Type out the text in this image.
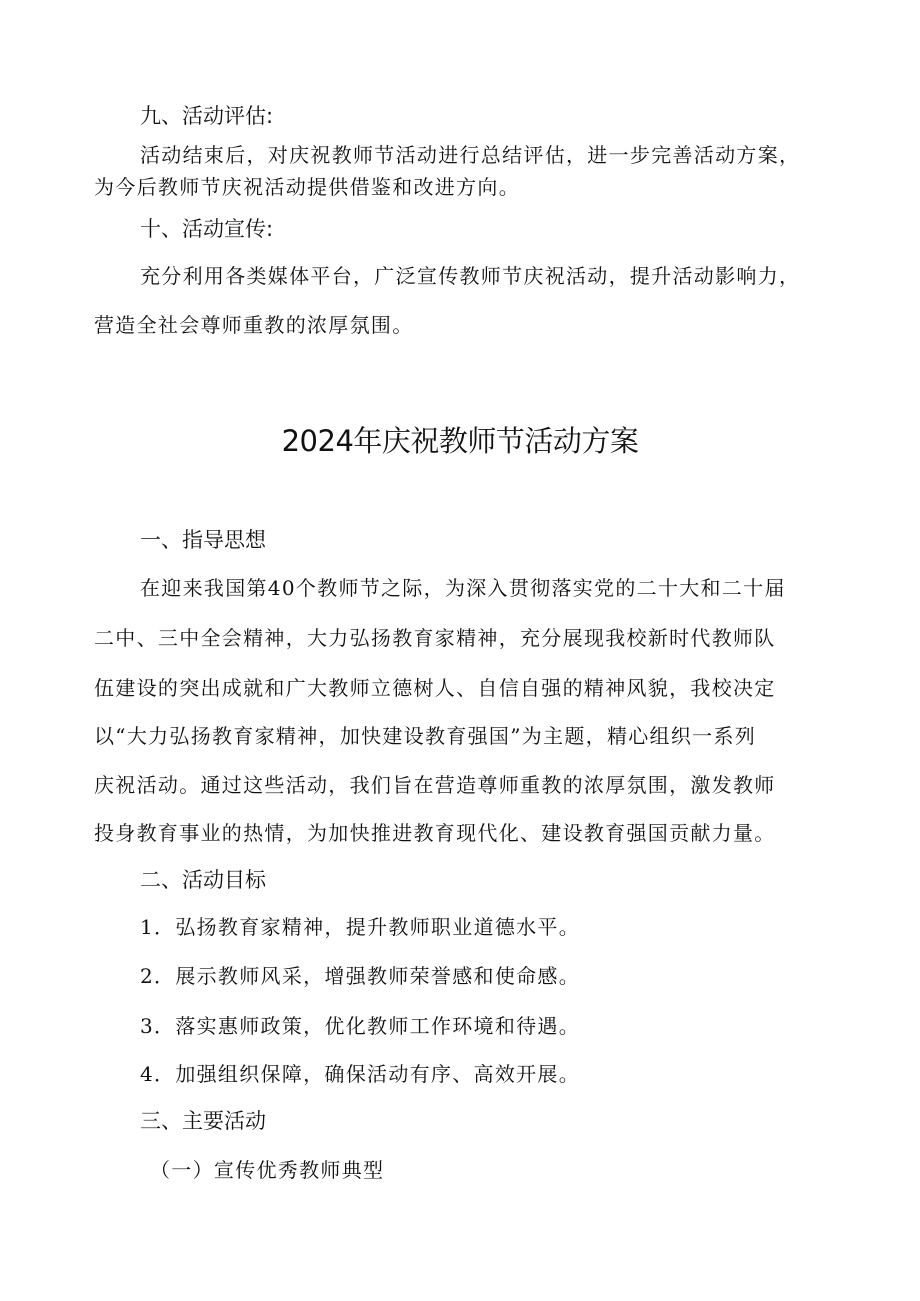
九、活动评估:
活动结束后，对庆祝教师节活动进行总结评估，进一步完善活动方案，
为今后教师节庆祝活动提供借鉴和改进方向。
十、活动宣传:
充分利用各类媒体平台，广泛宣传教师节庆祝活动，提升活动影响力，
营造全社会尊师重教的浓厚氛围。
2024年庆祝教师节活动方案
一、指导思想
在迎来我国第40个教师节之际，为深入贯彻落实党的二十大和二十届
二中、三中全会精神，大力弘扬教育家精神，充分展现我校新时代教师队
伍建设的突出成就和广大教师立德树人、自信自强的精神风貌，我校决定
以“大力弘扬教育家精神，加快建设教育强国”为主题，精心组织一系列
庆祝活动。通过这些活动，我们旨在营造尊师重教的浓厚氛围，激发教师
投身教育事业的热情，为加快推进教育现代化、建设教育强国贡献力量。
二、活动目标
1．弘扬教育家精神，提升教师职业道德水平。
2．展示教师风采，增强教师荣誉感和使命感。
3．落实惠师政策，优化教师工作环境和待遇。
4．加强组织保障，确保活动有序、高效开展。
三、主要活动
（一）宣传优秀教师典型
